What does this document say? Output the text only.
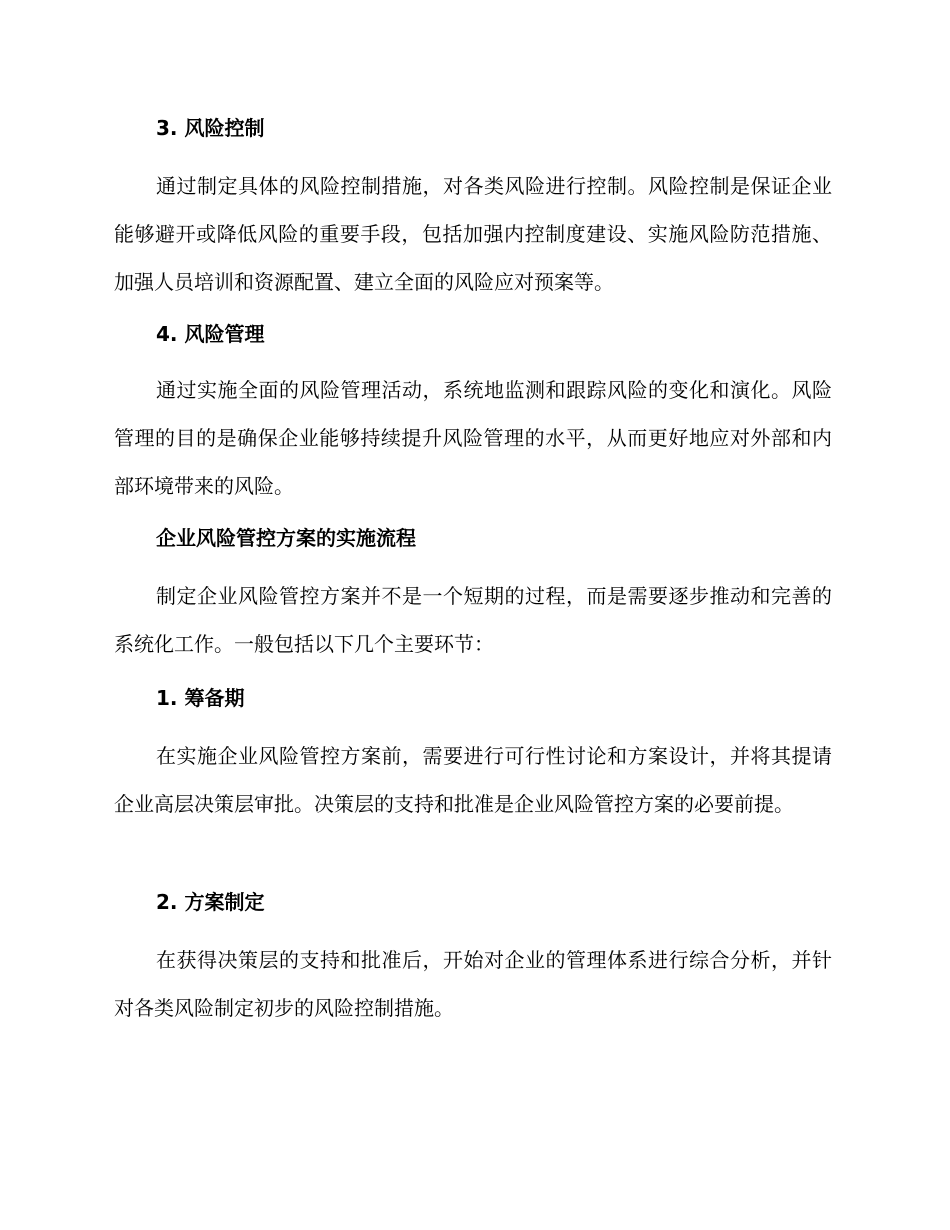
3. 风险控制

通过制定具体的风险控制措施，对各类风险进行控制。风险控制是保证企业能够避开或降低风险的重要手段，包括加强内控制度建设、实施风险防范措施、加强人员培训和资源配置、建立全面的风险应对预案等。

4. 风险管理

通过实施全面的风险管理活动，系统地监测和跟踪风险的变化和演化。风险管理的目的是确保企业能够持续提升风险管理的水平，从而更好地应对外部和内部环境带来的风险。

企业风险管控方案的实施流程

制定企业风险管控方案并不是一个短期的过程，而是需要逐步推动和完善的系统化工作。一般包括以下几个主要环节：

1. 筹备期

在实施企业风险管控方案前，需要进行可行性讨论和方案设计，并将其提请企业高层决策层审批。决策层的支持和批准是企业风险管控方案的必要前提。

2. 方案制定

在获得决策层的支持和批准后，开始对企业的管理体系进行综合分析，并针对各类风险制定初步的风险控制措施。
